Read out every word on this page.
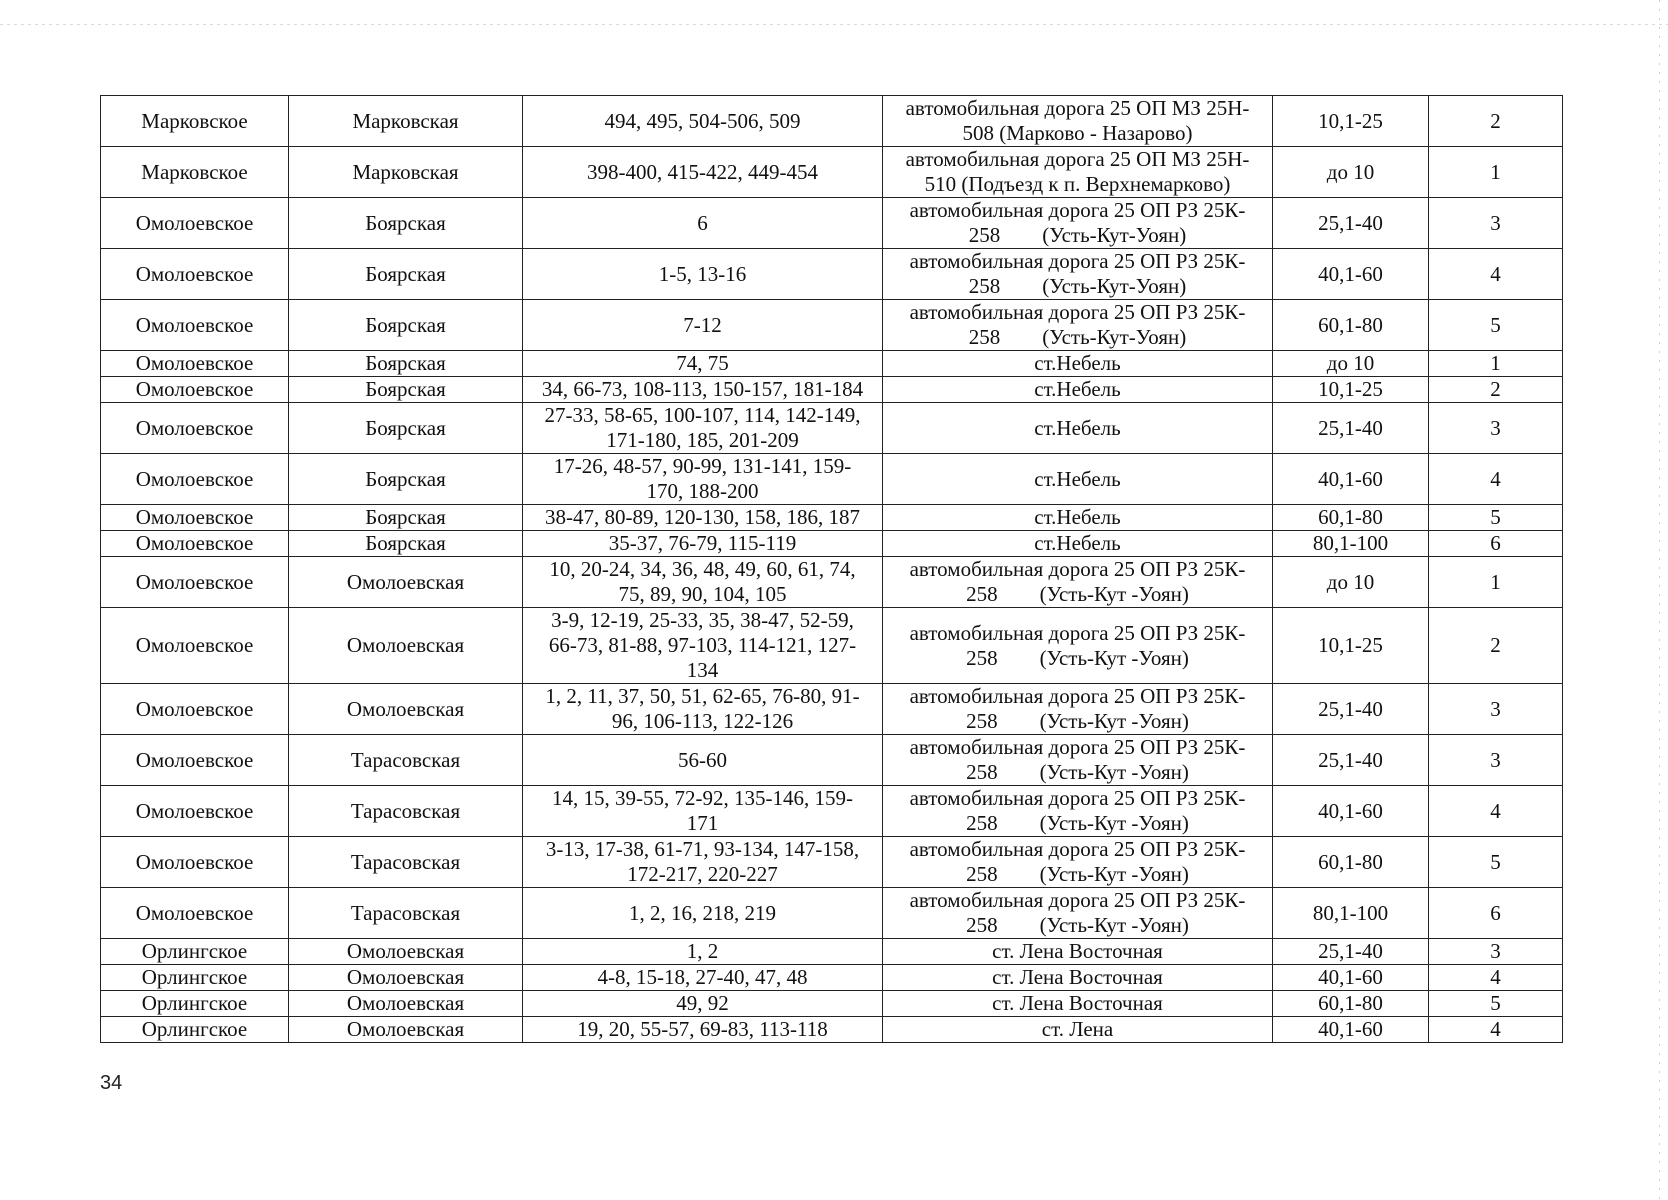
Марковское	Марковская	494, 495, 504-506, 509	автомобильная дорога 25 ОП МЗ 25Н-
508 (Марково - Назарово)	10,1-25	2

Марковское	Марковская	398-400, 415-422, 449-454	автомобильная дорога 25 ОП МЗ 25Н-
510 (Подъезд к п. Верхнемарково)	до 10	1

Омолоевское	Боярская	6	автомобильная дорога 25 ОП РЗ 25К-
258        (Усть-Кут-Уоян)	25,1-40	3

Омолоевское	Боярская	1-5, 13-16	автомобильная дорога 25 ОП РЗ 25К-
258        (Усть-Кут-Уоян)	40,1-60	4

Омолоевское	Боярская	7-12	автомобильная дорога 25 ОП РЗ 25К-
258        (Усть-Кут-Уоян)	60,1-80	5

Омолоевское	Боярская	74, 75	ст.Небель	до 10	1

Омолоевское	Боярская	34, 66-73, 108-113, 150-157, 181-184	ст.Небель	10,1-25	2

Омолоевское	Боярская	27-33, 58-65, 100-107, 114, 142-149,
171-180, 185, 201-209	ст.Небель	25,1-40	3

Омолоевское	Боярская	17-26, 48-57, 90-99, 131-141, 159-
170, 188-200	ст.Небель	40,1-60	4

Омолоевское	Боярская	38-47, 80-89, 120-130, 158, 186, 187	ст.Небель	60,1-80	5

Омолоевское	Боярская	35-37, 76-79, 115-119	ст.Небель	80,1-100	6

Омолоевское	Омолоевская	10, 20-24, 34, 36, 48, 49, 60, 61, 74,
75, 89, 90, 104, 105	автомобильная дорога 25 ОП РЗ 25К-
258        (Усть-Кут -Уоян)	до 10	1

Омолоевское	Омолоевская	3-9, 12-19, 25-33, 35, 38-47, 52-59,
66-73, 81-88, 97-103, 114-121, 127-
134	автомобильная дорога 25 ОП РЗ 25К-
258        (Усть-Кут -Уоян)	10,1-25	2

Омолоевское	Омолоевская	1, 2, 11, 37, 50, 51, 62-65, 76-80, 91-
96, 106-113, 122-126	автомобильная дорога 25 ОП РЗ 25К-
258        (Усть-Кут -Уоян)	25,1-40	3

Омолоевское	Тарасовская	56-60	автомобильная дорога 25 ОП РЗ 25К-
258        (Усть-Кут -Уоян)	25,1-40	3

Омолоевское	Тарасовская	14, 15, 39-55, 72-92, 135-146, 159-
171	автомобильная дорога 25 ОП РЗ 25К-
258        (Усть-Кут -Уоян)	40,1-60	4

Омолоевское	Тарасовская	3-13, 17-38, 61-71, 93-134, 147-158,
172-217, 220-227	автомобильная дорога 25 ОП РЗ 25К-
258        (Усть-Кут -Уоян)	60,1-80	5

Омолоевское	Тарасовская	1, 2, 16, 218, 219	автомобильная дорога 25 ОП РЗ 25К-
258        (Усть-Кут -Уоян)	80,1-100	6

Орлингское	Омолоевская	1, 2	ст. Лена Восточная	25,1-40	3

Орлингское	Омолоевская	4-8, 15-18, 27-40, 47, 48	ст. Лена Восточная	40,1-60	4

Орлингское	Омолоевская	49, 92	ст. Лена Восточная	60,1-80	5

Орлингское	Омолоевская	19, 20, 55-57, 69-83, 113-118	ст. Лена	40,1-60	4
34
